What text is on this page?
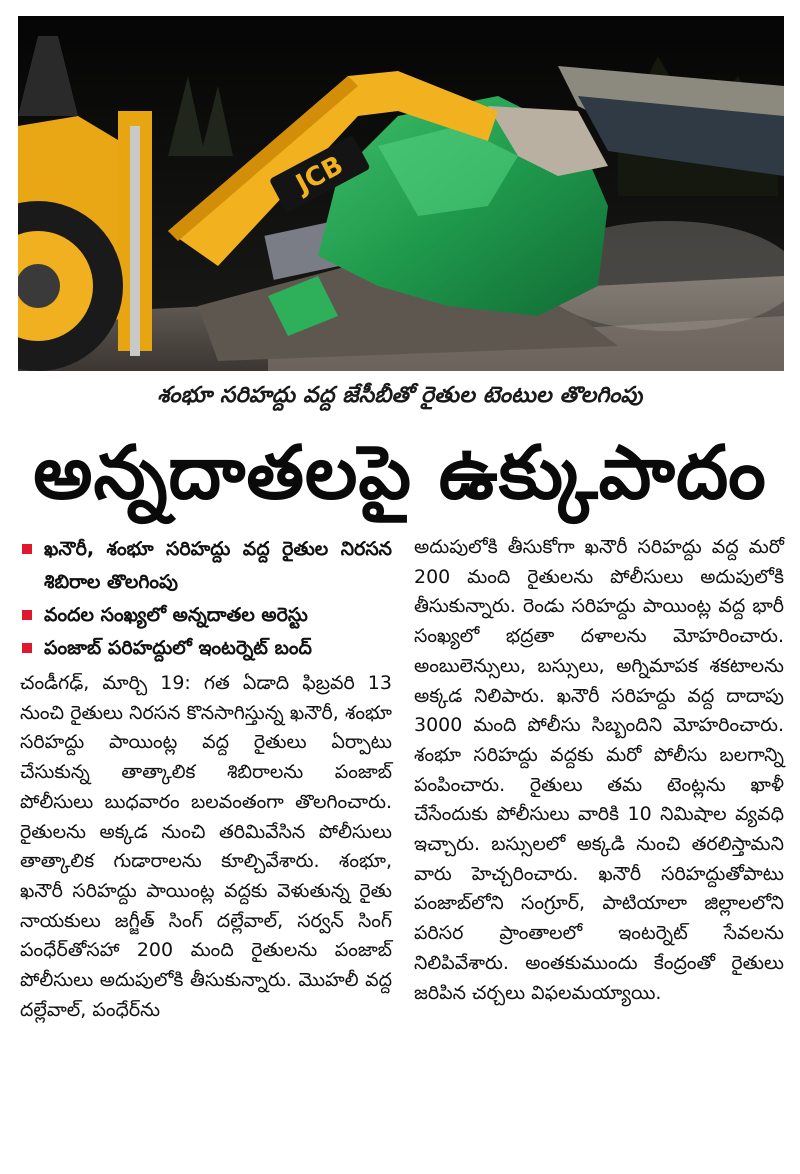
JCB
శంభూ సరిహద్దు వద్ద జేసీబీతో రైతుల టెంటుల తొలగింపు
అన్నదాతలపై ఉక్కుపాదం
ఖనౌరీ, శంభూ సరిహద్దు వద్ద రైతుల నిరసన శిబిరాల తొలగింపు
వందల సంఖ్యలో అన్నదాతల అరెస్టు
పంజాబ్ పరిహద్దులో ఇంటర్నెట్ బంద్

చండీగఢ్, మార్చి 19: గత ఏడాది ఫిబ్రవరి 13 నుంచి రైతులు నిరసన కొనసాగిస్తున్న ఖనౌరీ, శంభూ సరిహద్దు పాయింట్ల వద్ద రైతులు ఏర్పాటు చేసుకున్న తాత్కాలిక శిబిరాలను పంజాబ్ పోలీసులు బుధవారం బలవంతంగా తొలగించారు. రైతులను అక్కడ నుంచి తరిమివేసిన పోలీసులు తాత్కాలిక గుడారాలను కూల్చివేశారు. శంభూ, ఖనౌరీ సరిహద్దు పాయింట్ల వద్దకు వెళుతున్న రైతు నాయకులు జగ్జీత్ సింగ్ దల్లేవాల్, సర్వన్ సింగ్ పంధేర్‌తోసహా 200 మంది రైతులను పంజాబ్ పోలీసులు అదుపులోకి తీసుకున్నారు. మొహలీ వద్ద దల్లేవాల్, పంధేర్‌ను

అదుపులోకి తీసుకోగా ఖనౌరీ సరిహద్దు వద్ద మరో 200 మంది రైతులను పోలీసులు అదుపులోకి తీసుకున్నారు. రెండు సరిహద్దు పాయింట్ల వద్ద భారీ సంఖ్యలో భద్రతా దళాలను మోహరించారు. అంబులెన్సులు, బస్సులు, అగ్నిమాపక శకటాలను అక్కడ నిలిపారు. ఖనౌరీ సరిహద్దు వద్ద దాదాపు 3000 మంది పోలీసు సిబ్బందిని మోహరించారు. శంభూ సరిహద్దు వద్దకు మరో పోలీసు బలగాన్ని పంపించారు. రైతులు తమ టెంట్లను ఖాళీ చేసేందుకు పోలీసులు వారికి 10 నిమిషాల వ్యవధి ఇచ్చారు. బస్సులలో అక్కడి నుంచి తరలిస్తామని వారు హెచ్చరించారు. ఖనౌరీ సరిహద్దుతోపాటు పంజాబ్‌లోని సంగ్రూర్, పాటియాలా జిల్లాలలోని పరిసర ప్రాంతాలలో ఇంటర్నెట్ సేవలను నిలిపివేశారు. అంతకుముందు కేంద్రంతో రైతులు జరిపిన చర్చలు విఫలమయ్యాయి.
